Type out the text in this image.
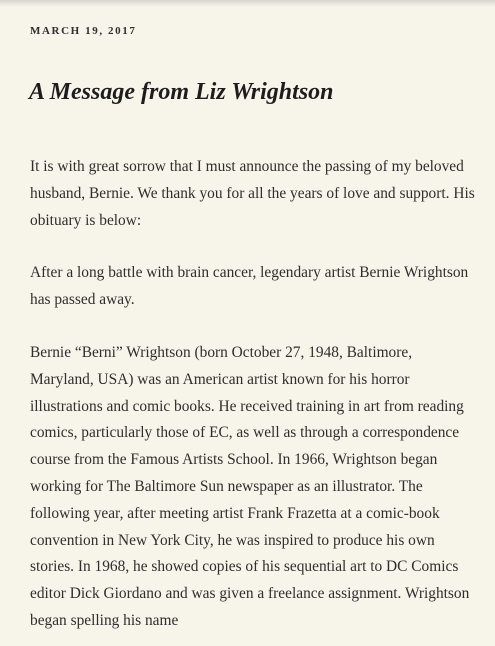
MARCH 19, 2017
A Message from Liz Wrightson

It is with great sorrow that I must announce the passing of my beloved husband, Bernie. We thank you for all the years of love and support. His obituary is below:

After a long battle with brain cancer, legendary artist Bernie Wrightson has passed away.

Bernie “Berni” Wrightson (born October 27, 1948, Baltimore, Maryland, USA) was an American artist known for his horror illustrations and comic books. He received training in art from reading comics, particularly those of EC, as well as through a correspondence course from the Famous Artists School. In 1966, Wrightson began working for The Baltimore Sun newspaper as an illustrator. The following year, after meeting artist Frank Frazetta at a comic-book convention in New York City, he was inspired to produce his own stories. In 1968, he showed copies of his sequential art to DC Comics editor Dick Giordano and was given a freelance assignment. Wrightson began spelling his name
